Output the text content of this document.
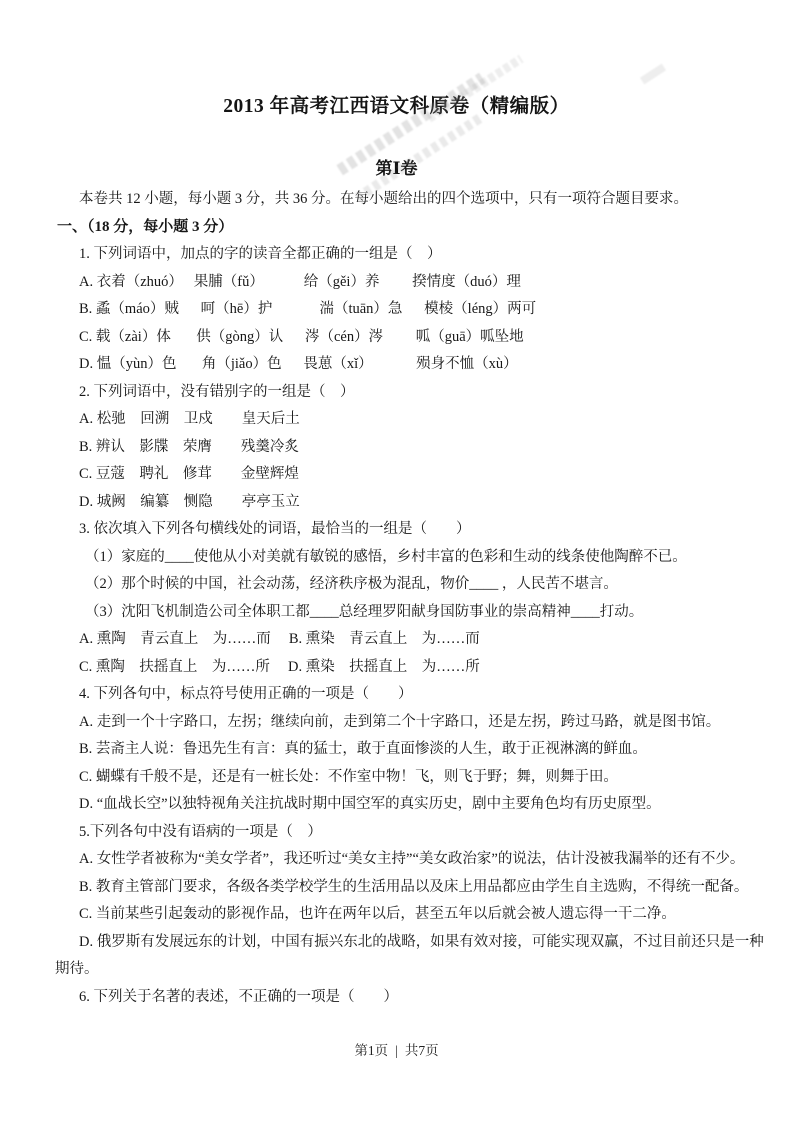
2013 年高考江西语文科原卷（精编版）
第Ⅰ卷
本卷共 12 小题，每小题 3 分，共 36 分。在每小题给出的四个选项中，只有一项符合题目要求。
一、（18 分，每小题 3 分）
1. 下列词语中，加点的字的读音全都正确的一组是（　）
A. 衣着（zhuó）　 果脯（fǔ）　　　 给（gěi）养　　 揆情度（duó）理
B. 蟊（máo）贼　  呵（hē）护　　　 湍（tuān）急　  模棱（léng）两可
C. 载（zài）体　   供（gòng）认　  涔（cén）涔　　 呱（guā）呱坠地
D. 愠（yùn）色　   角（jiǎo）色　  畏葸（xǐ）　　　  殒身不恤（xù）
2. 下列词语中，没有错别字的一组是（　）
A. 松驰　回溯　卫戍　　皇天后土
B. 辨认　影牒　荣膺　　残羹冷炙
C. 豆蔻　聘礼　修茸　　金壁辉煌
D. 城阙　编纂　恻隐　　亭亭玉立
3. 依次填入下列各句横线处的词语，最恰当的一组是（　　）
（1）家庭的____使他从小对美就有敏锐的感悟，乡村丰富的色彩和生动的线条使他陶醉不已。
（2）那个时候的中国，社会动荡，经济秩序极为混乱，物价____ ，人民苦不堪言。
（3）沈阳飞机制造公司全体职工都____总经理罗阳献身国防事业的崇高精神____打动。
A. 熏陶　青云直上　为……而　 B. 熏染　青云直上　为……而
C. 熏陶　扶摇直上　为……所　 D. 熏染　扶摇直上　为……所
4. 下列各句中，标点符号使用正确的一项是（　　）
A. 走到一个十字路口，左拐；继续向前，走到第二个十字路口，还是左拐，跨过马路，就是图书馆。
B. 芸斋主人说：鲁迅先生有言：真的猛士，敢于直面惨淡的人生，敢于正视淋漓的鲜血。
C. 蝴蝶有千般不是，还是有一桩长处：不作室中物！飞，则飞于野；舞，则舞于田。
D. “血战长空”以独特视角关注抗战时期中国空军的真实历史，剧中主要角色均有历史原型。
5.下列各句中没有语病的一项是（　）
A. 女性学者被称为“美女学者”，我还听过“美女主持”“美女政治家”的说法，估计没被我漏举的还有不少。
B. 教育主管部门要求，各级各类学校学生的生活用品以及床上用品都应由学生自主选购，不得统一配备。
C. 当前某些引起轰动的影视作品，也许在两年以后，甚至五年以后就会被人遗忘得一干二净。
D. 俄罗斯有发展远东的计划，中国有振兴东北的战略，如果有效对接，可能实现双赢，不过目前还只是一种
期待。
6. 下列关于名著的表述，不正确的一项是（　　）
第1页 | 共7页
